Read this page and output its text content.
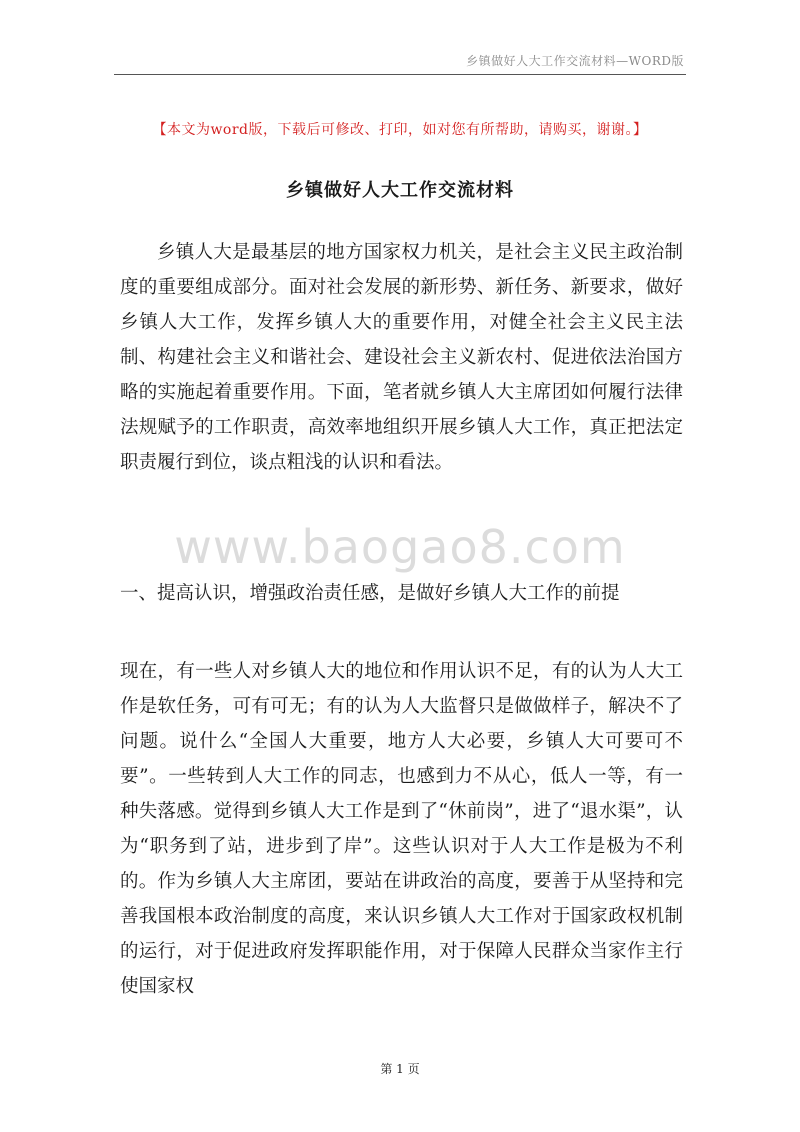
乡镇做好人大工作交流材料—WORD版
【本文为word版，下载后可修改、打印，如对您有所帮助，请购买，谢谢。】
乡镇做好人大工作交流材料

乡镇人大是最基层的地方国家权力机关，是社会主义民主政治制度的重要组成部分。面对社会发展的新形势、新任务、新要求，做好乡镇人大工作，发挥乡镇人大的重要作用，对健全社会主义民主法制、构建社会主义和谐社会、建设社会主义新农村、促进依法治国方略的实施起着重要作用。下面，笔者就乡镇人大主席团如何履行法律法规赋予的工作职责，高效率地组织开展乡镇人大工作，真正把法定职责履行到位，谈点粗浅的认识和看法。

www.baogao8.com

一、提高认识，增强政治责任感，是做好乡镇人大工作的前提

现在，有一些人对乡镇人大的地位和作用认识不足，有的认为人大工作是软任务，可有可无；有的认为人大监督只是做做样子，解决不了问题。说什么“全国人大重要，地方人大必要，乡镇人大可要可不要”。一些转到人大工作的同志，也感到力不从心，低人一等，有一种失落感。觉得到乡镇人大工作是到了“休前岗”，进了“退水渠”，认为“职务到了站，进步到了岸”。这些认识对于人大工作是极为不利的。作为乡镇人大主席团，要站在讲政治的高度，要善于从坚持和完善我国根本政治制度的高度，来认识乡镇人大工作对于国家政权机制的运行，对于促进政府发挥职能作用，对于保障人民群众当家作主行使国家权

第 1 页
